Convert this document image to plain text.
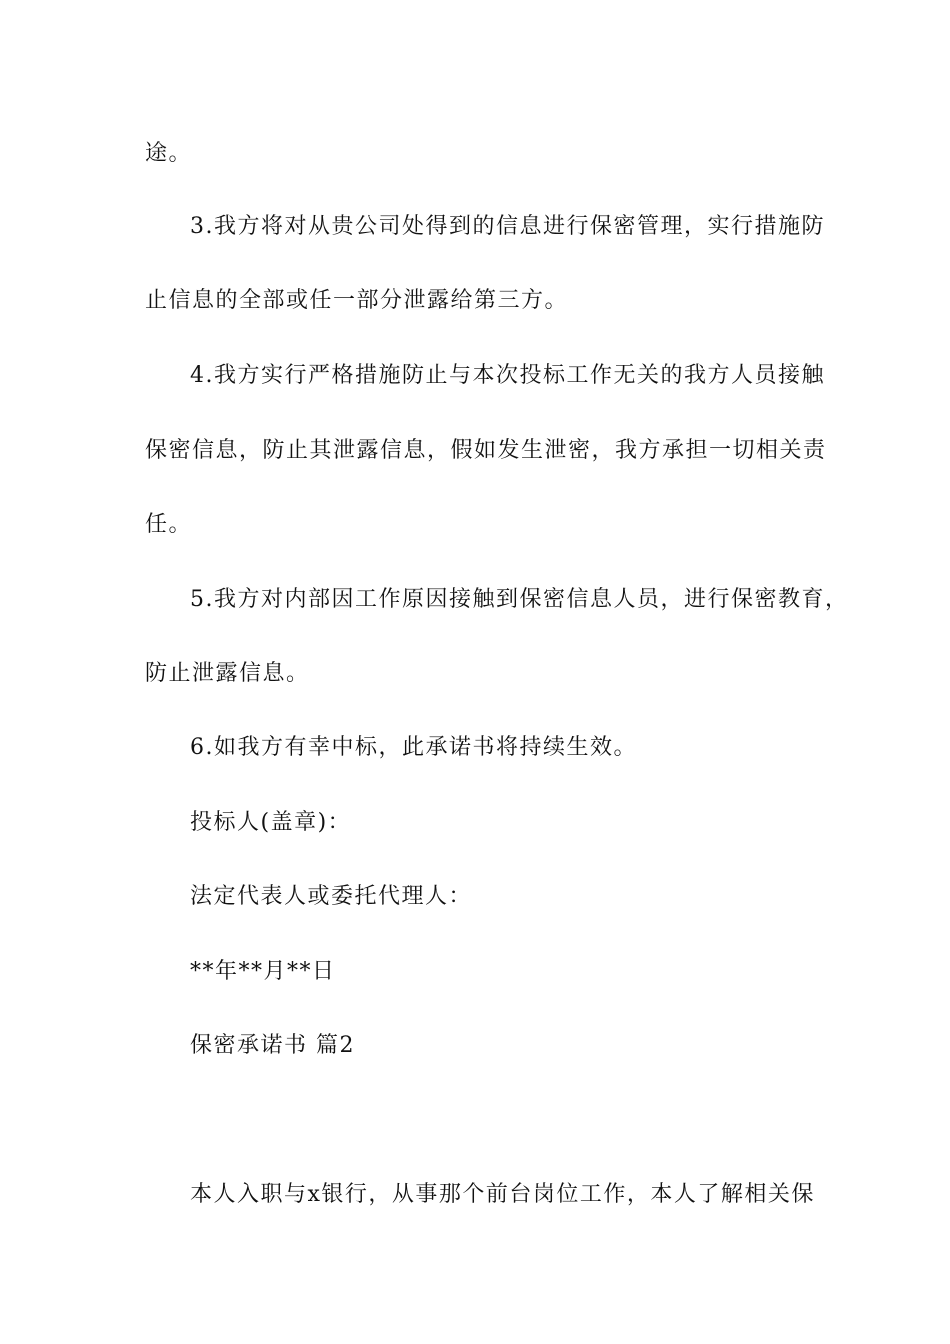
途。
3.我方将对从贵公司处得到的信息进行保密管理，实行措施防
止信息的全部或任一部分泄露给第三方。
4.我方实行严格措施防止与本次投标工作无关的我方人员接触
保密信息，防止其泄露信息，假如发生泄密，我方承担一切相关责
任。
5.我方对内部因工作原因接触到保密信息人员，进行保密教育，
防止泄露信息。
6.如我方有幸中标，此承诺书将持续生效。
投标人(盖章)：
法定代表人或委托代理人：
**年**月**日
保密承诺书 篇2
本人入职与x银行，从事那个前台岗位工作，本人了解相关保
